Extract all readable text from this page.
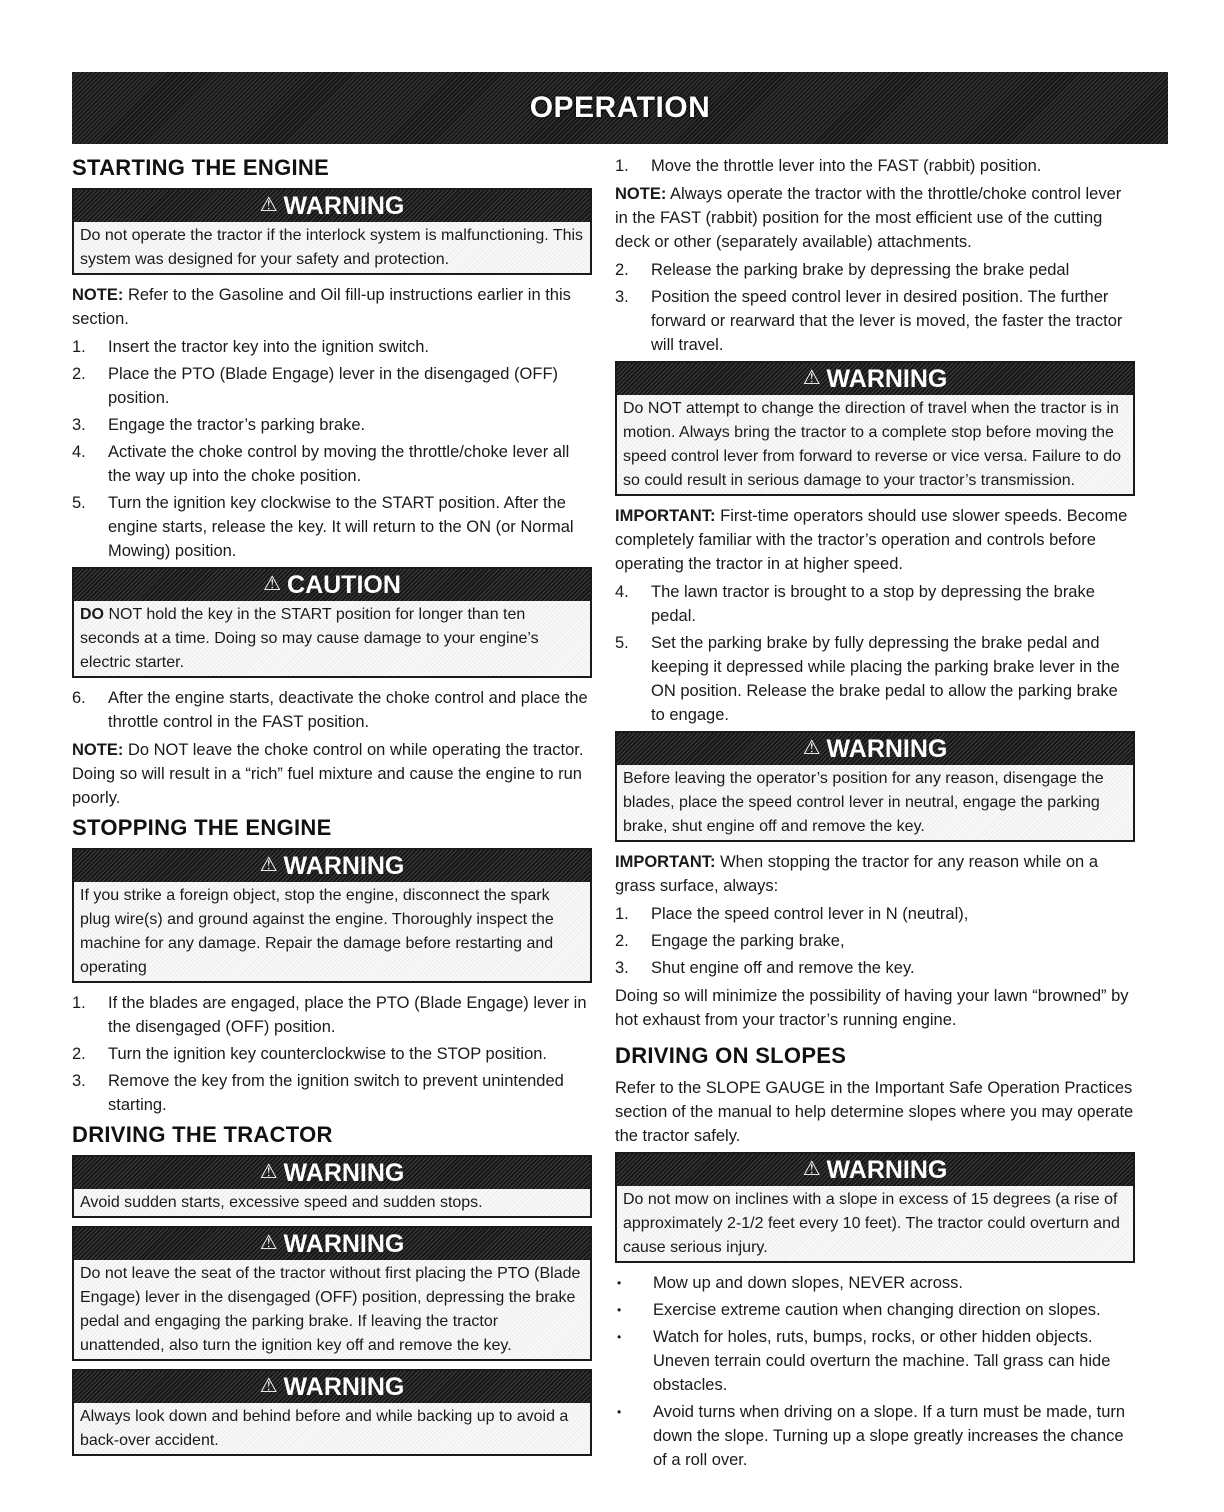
OPERATION
STARTING THE ENGINE
⚠ WARNING
Do not operate the tractor if the interlock system is malfunctioning. This system was designed for your safety and protection.

NOTE: Refer to the Gasoline and Oil fill-up instructions earlier in this section.

1.	Insert the tractor key into the ignition switch.
2.	Place the PTO (Blade Engage) lever in the disengaged (OFF) position.
3.	Engage the tractor’s parking brake.
4.	Activate the choke control by moving the throttle/choke lever all the way up into the choke position.
5.	Turn the ignition key clockwise to the START position. After the engine starts, release the key. It will return to the ON (or Normal Mowing) position.
⚠ CAUTION
DO NOT hold the key in the START position for longer than ten seconds at a time. Doing so may cause damage to your engine’s electric starter.
6.	After the engine starts, deactivate the choke control and place the throttle control in the FAST position.

NOTE: Do NOT leave the choke control on while operating the tractor. Doing so will result in a “rich” fuel mixture and cause the engine to run poorly.

STOPPING THE ENGINE
⚠ WARNING
If you strike a foreign object, stop the engine, disconnect the spark plug wire(s) and ground against the engine. Thoroughly inspect the machine for any damage. Repair the damage before restarting and operating
1.	If the blades are engaged, place the PTO (Blade Engage) lever in the disengaged (OFF) position.
2.	Turn the ignition key counterclockwise to the STOP position.
3.	Remove the key from the ignition switch to prevent unintended starting.
DRIVING THE TRACTOR
⚠ WARNING
Avoid sudden starts, excessive speed and sudden stops.
⚠ WARNING
Do not leave the seat of the tractor without first placing the PTO (Blade Engage) lever in the disengaged (OFF) position, depressing the brake pedal and engaging the parking brake. If leaving the tractor unattended, also turn the ignition key off and remove the key.
⚠ WARNING
Always look down and behind before and while backing up to avoid a back-over accident.
1.	Move the throttle lever into the FAST (rabbit) position.

NOTE: Always operate the tractor with the throttle/choke control lever in the FAST (rabbit) position for the most efficient use of the cutting deck or other (separately available) attachments.

2.	Release the parking brake by depressing the brake pedal
3.	Position the speed control lever in desired position. The further forward or rearward that the lever is moved, the faster the tractor will travel.
⚠ WARNING
Do NOT attempt to change the direction of travel when the tractor is in motion. Always bring the tractor to a complete stop before moving the speed control lever from forward to reverse or vice versa. Failure to do so could result in serious damage to your tractor’s transmission.

IMPORTANT: First-time operators should use slower speeds. Become completely familiar with the tractor’s operation and controls before operating the tractor in at higher speed.

4.	The lawn tractor is brought to a stop by depressing the brake pedal.
5.	Set the parking brake by fully depressing the brake pedal and keeping it depressed while placing the parking brake lever in the ON position. Release the brake pedal to allow the parking brake to engage.
⚠ WARNING
Before leaving the operator’s position for any reason, disengage the blades, place the speed control lever in neutral, engage the parking brake, shut engine off and remove the key.

IMPORTANT: When stopping the tractor for any reason while on a grass surface, always:

1.	Place the speed control lever in N (neutral),
2.	Engage the parking brake,
3.	Shut engine off and remove the key.

Doing so will minimize the possibility of having your lawn “browned” by hot exhaust from your tractor’s running engine.

DRIVING ON SLOPES

Refer to the SLOPE GAUGE in the Important Safe Operation Practices section of the manual to help determine slopes where you may operate the tractor safely.

⚠ WARNING
Do not mow on inclines with a slope in excess of 15 degrees (a rise of approximately 2-1/2 feet every 10 feet). The tractor could overturn and cause serious injury.
•	Mow up and down slopes, NEVER across.
•	Exercise extreme caution when changing direction on slopes.
•	Watch for holes, ruts, bumps, rocks, or other hidden objects. Uneven terrain could overturn the machine. Tall grass can hide obstacles.
•	Avoid turns when driving on a slope. If a turn must be made, turn down the slope. Turning up a slope greatly increases the chance of a roll over.
